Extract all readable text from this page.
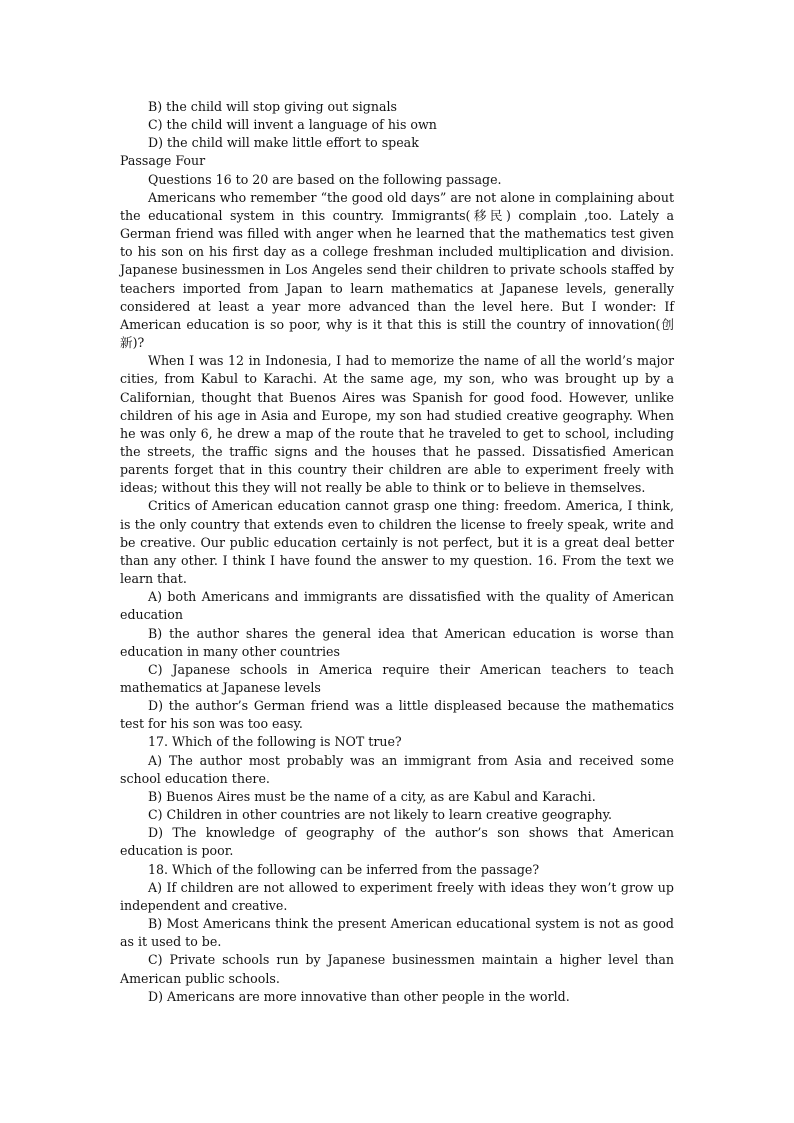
B) the child will stop giving out signals

C) the child will invent a language of his own

D) the child will make little effort to speak

Passage Four

Questions 16 to 20 are based on the following passage.

Americans who remember “the good old days” are not alone in complaining about the educational system in this country. Immigrants(移民) complain ,too. Lately a German friend was filled with anger when he learned that the mathematics test given to his son on his first day as a college freshman included multiplication and division. Japanese businessmen in Los Angeles send their children to private schools staffed by teachers imported from Japan to learn mathematics at Japanese levels, generally considered at least a year more advanced than the level here. But I wonder: If American education is so poor, why is it that this is still the country of innovation(创新)?

When I was 12 in Indonesia, I had to memorize the name of all the world’s major cities, from Kabul to Karachi. At the same age, my son, who was brought up by a Californian, thought that Buenos Aires was Spanish for good food. However, unlike children of his age in Asia and Europe, my son had studied creative geography. When he was only 6, he drew a map of the route that he traveled to get to school, including the streets, the traffic signs and the houses that he passed. Dissatisfied American parents forget that in this country their children are able to experiment freely with ideas; without this they will not really be able to think or to believe in themselves.

Critics of American education cannot grasp one thing: freedom. America, I think, is the only country that extends even to children the license to freely speak, write and be creative. Our public education certainly is not perfect, but it is a great deal better than any other. I think I have found the answer to my question. 16. From the text we learn that.

A) both Americans and immigrants are dissatisfied with the quality of American education

B) the author shares the general idea that American education is worse than education in many other countries

C) Japanese schools in America require their American teachers to teach mathematics at Japanese levels

D) the author’s German friend was a little displeased because the mathematics test for his son was too easy.

17. Which of the following is NOT true?

A) The author most probably was an immigrant from Asia and received some school education there.

B) Buenos Aires must be the name of a city, as are Kabul and Karachi.

C) Children in other countries are not likely to learn creative geography.

D) The knowledge of geography of the author’s son shows that American education is poor.

18. Which of the following can be inferred from the passage?

A) If children are not allowed to experiment freely with ideas they won’t grow up independent and creative.

B) Most Americans think the present American educational system is not as good as it used to be.

C) Private schools run by Japanese businessmen maintain a higher level than American public schools.

D) Americans are more innovative than other people in the world.
